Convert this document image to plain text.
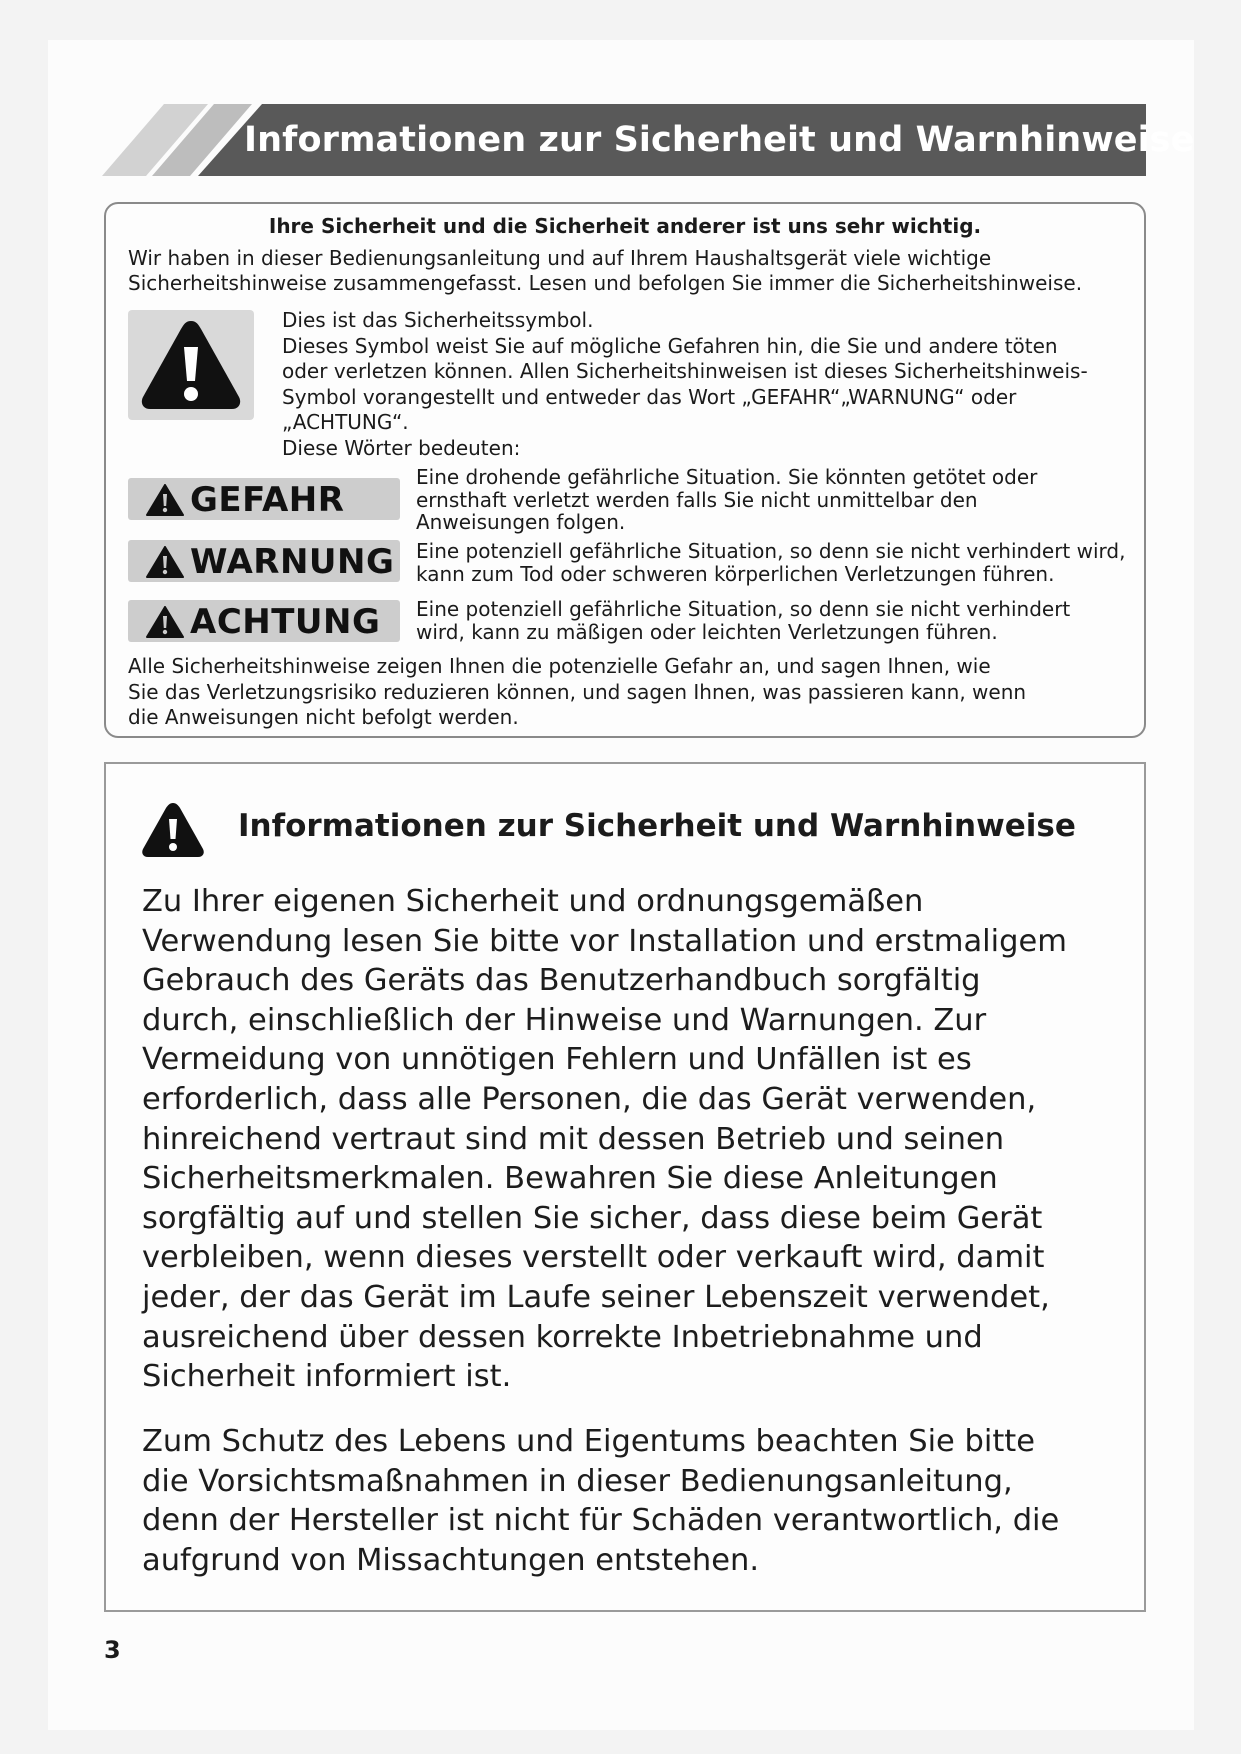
Informationen zur Sicherheit und Warnhinweise
Ihre Sicherheit und die Sicherheit anderer ist uns sehr wichtig.
Wir haben in dieser Bedienungsanleitung und auf Ihrem Haushaltsgerät viele wichtige
Sicherheitshinweise zusammengefasst. Lesen und befolgen Sie immer die Sicherheitshinweise.
Dies ist das Sicherheitssymbol.
Dieses Symbol weist Sie auf mögliche Gefahren hin, die Sie und andere töten
oder verletzen können. Allen Sicherheitshinweisen ist dieses Sicherheitshinweis-
Symbol vorangestellt und entweder das Wort „GEFAHR“„WARNUNG“ oder
„ACHTUNG“.
Diese Wörter bedeuten:
GEFAHR
Eine drohende gefährliche Situation. Sie könnten getötet oder
ernsthaft verletzt werden falls Sie nicht unmittelbar den
Anweisungen folgen.
WARNUNG Eine potenziell gefährliche Situation, so denn sie nicht verhindert wird,
kann zum Tod oder schweren körperlichen Verletzungen führen.
ACHTUNG Eine potenziell gefährliche Situation, so denn sie nicht verhindert
wird, kann zu mäßigen oder leichten Verletzungen führen.
Alle Sicherheitshinweise zeigen Ihnen die potenzielle Gefahr an, und sagen Ihnen, wie
Sie das Verletzungsrisiko reduzieren können, und sagen Ihnen, was passieren kann, wenn
die Anweisungen nicht befolgt werden.
Informationen zur Sicherheit und Warnhinweise
Zu Ihrer eigenen Sicherheit und ordnungsgemäßen
Verwendung lesen Sie bitte vor Installation und erstmaligem
Gebrauch des Geräts das Benutzerhandbuch sorgfältig
durch, einschließlich der Hinweise und Warnungen. Zur
Vermeidung von unnötigen Fehlern und Unfällen ist es
erforderlich, dass alle Personen, die das Gerät verwenden,
hinreichend vertraut sind mit dessen Betrieb und seinen
Sicherheitsmerkmalen. Bewahren Sie diese Anleitungen
sorgfältig auf und stellen Sie sicher, dass diese beim Gerät
verbleiben, wenn dieses verstellt oder verkauft wird, damit
jeder, der das Gerät im Laufe seiner Lebenszeit verwendet,
ausreichend über dessen korrekte Inbetriebnahme und
Sicherheit informiert ist.
Zum Schutz des Lebens und Eigentums beachten Sie bitte
die Vorsichtsmaßnahmen in dieser Bedienungsanleitung,
denn der Hersteller ist nicht für Schäden verantwortlich, die
aufgrund von Missachtungen entstehen.
3
